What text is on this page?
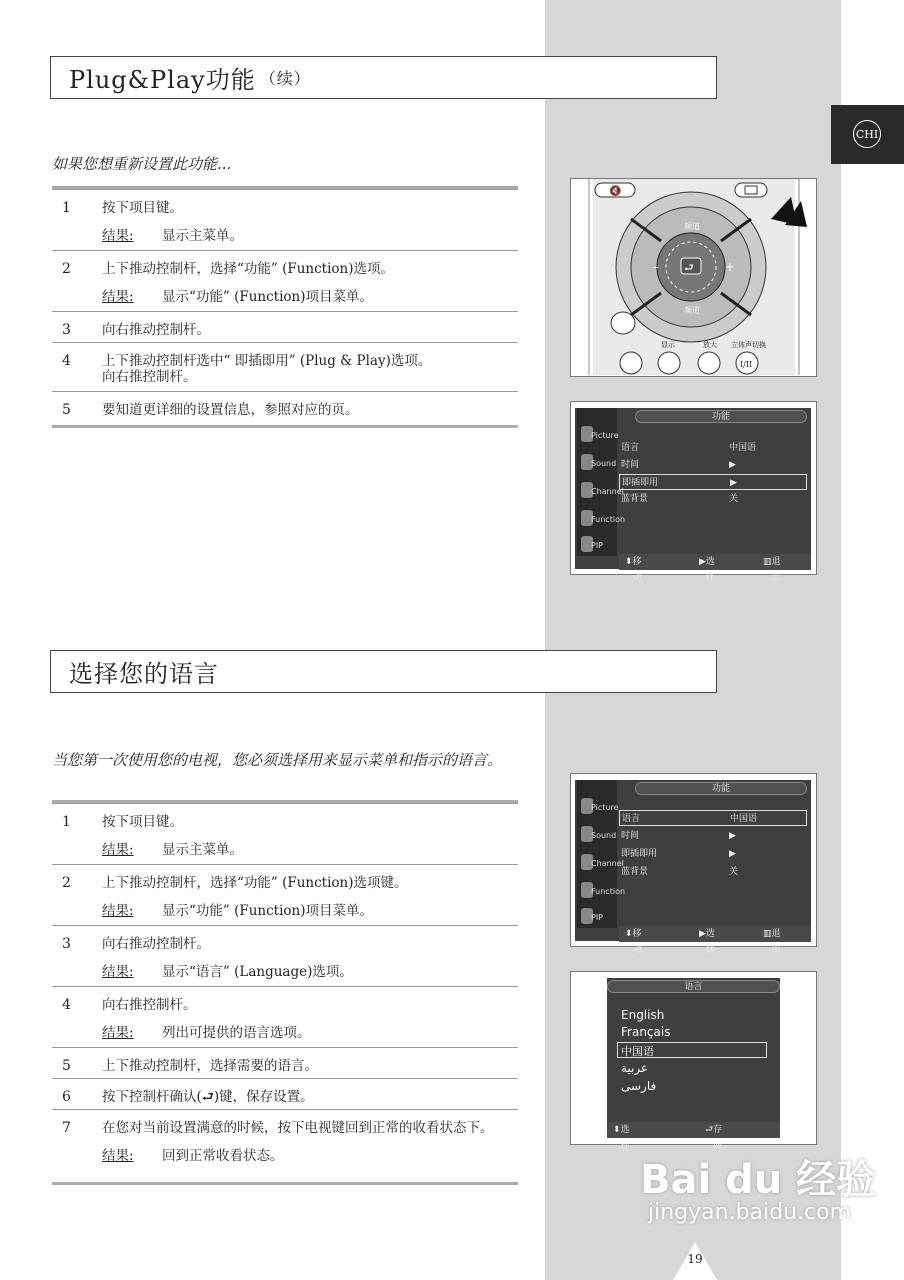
CHI
Plug&Play功能 （续）
如果您想重新设置此功能...
1 按下项目键。
结果: 显示主菜单。
2 上下推动控制杆，选择“功能” (Function)选项。
结果: 显示“功能” (Function)项目菜单。
3 向右推动控制杆。
4 上下推动控制杆选中“ 即插即用” (Plug & Play)选项。
向右推控制杆。
5 要知道更详细的设置信息，参照对应的页。
🔇
⮐
频道
频道
–	+
显示	放大 立体声切换
I/II
功能
Picture
Sound
Channel
Function
PIP
语言	中国语
时间	▶
即插即用	▶
蓝背景	关
⬍ 移动
▶ 选择
▥ 退出
选择您的语言
当您第一次使用您的电视，您必须选择用来显示菜单和指示的语言。
1 按下项目键。
结果: 显示主菜单。
2 上下推动控制杆，选择“功能” (Function)选项键。
结果: 显示“功能” (Function)项目菜单。
3 向右推动控制杆。
结果: 显示“语言” (Language)选项。
4 向右推控制杆。
结果: 列出可提供的语言选项。
5 上下推动控制杆，选择需要的语言。
6 按下控制杆确认(⮐)键，保存设置。
7 在您对当前设置满意的时候，按下电视键回到正常的收看状态下。
结果: 回到正常收看状态。
功能
Picture
Sound
Channel
Function
PIP
语言	中国语
时间	▶
即插即用	▶
蓝背景	关
⬍ 移动
▶ 选择
▥ 退出
语言
English
Français
中国语
عربية
فارسی
⬍ 选择
⮐ 存储
Bai du 经验
jingyan.baidu.com
19
